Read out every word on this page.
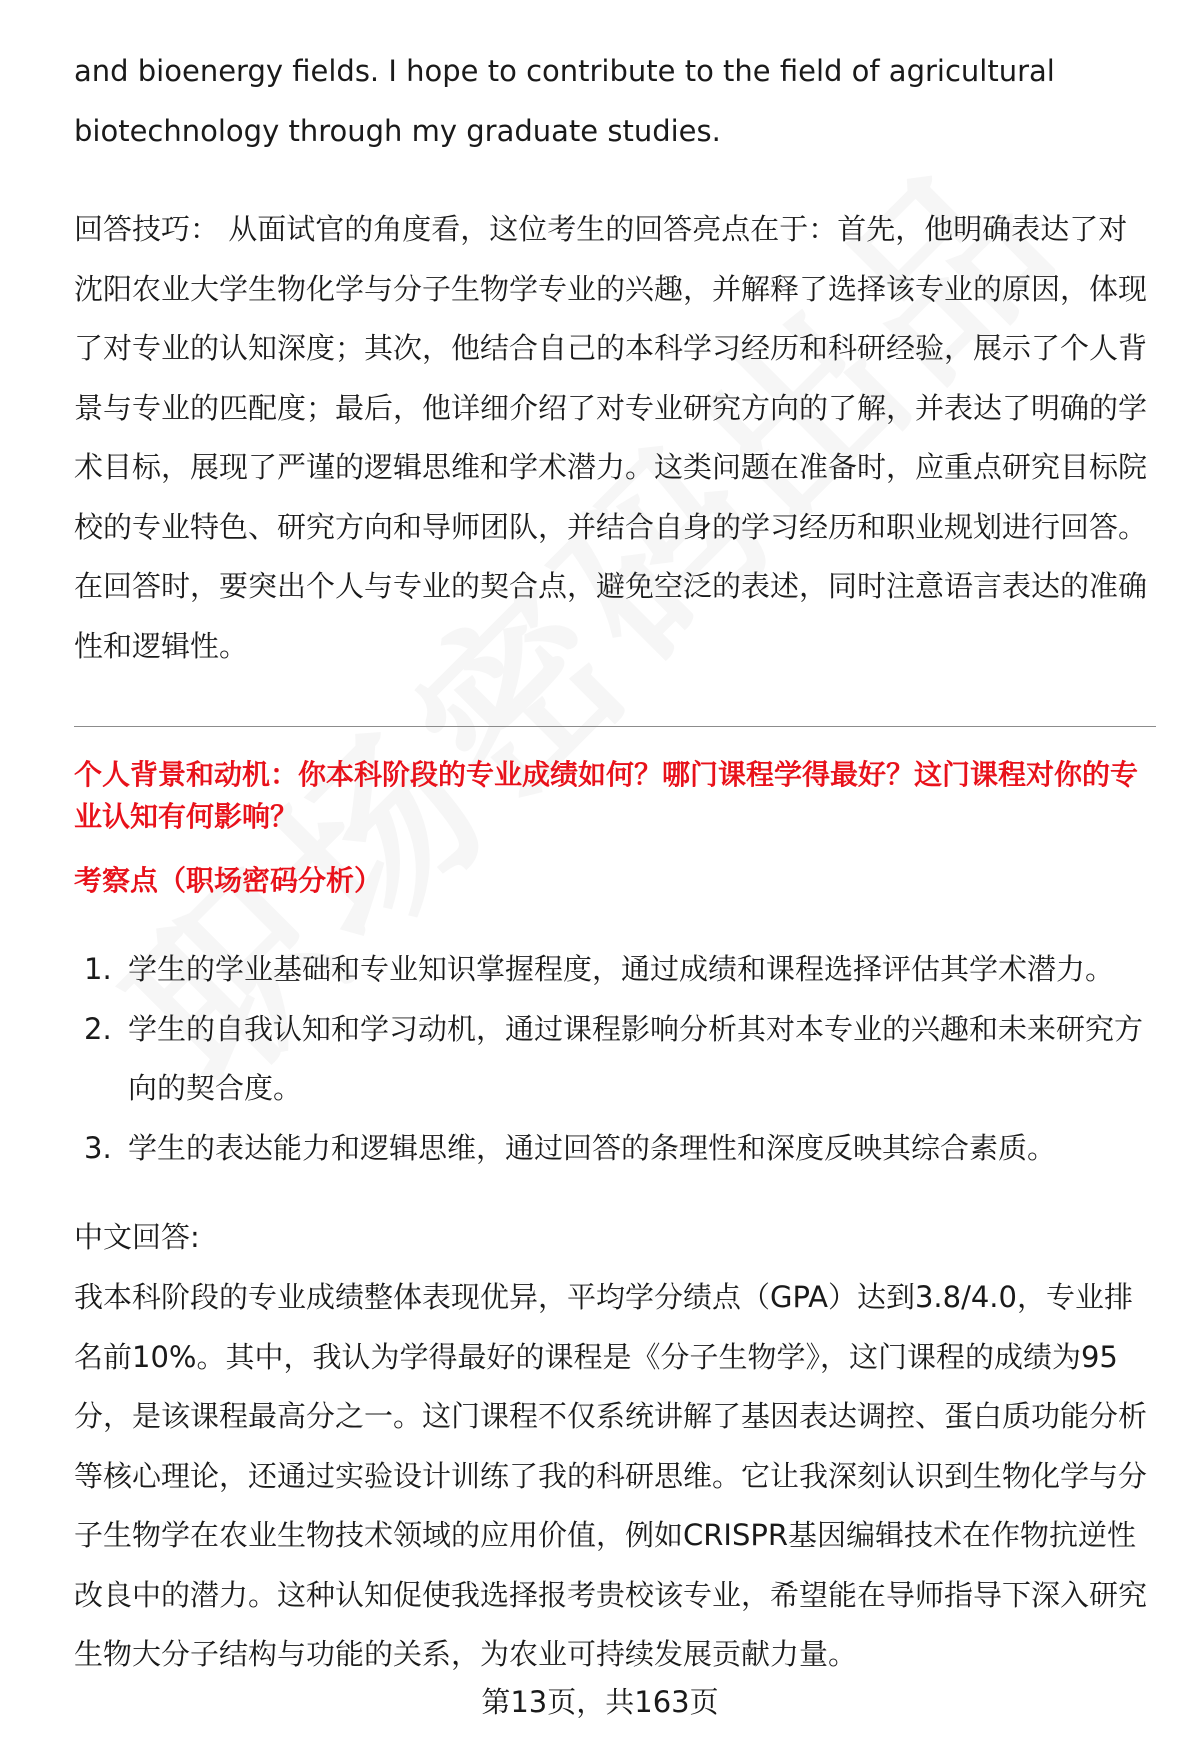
and bioenergy fields. I hope to contribute to the field of agricultural biotechnology through my graduate studies.

回答技巧： 从面试官的角度看，这位考生的回答亮点在于：首先，他明确表达了对沈阳农业大学生物化学与分子生物学专业的兴趣，并解释了选择该专业的原因，体现了对专业的认知深度；其次，他结合自己的本科学习经历和科研经验，展示了个人背景与专业的匹配度；最后，他详细介绍了对专业研究方向的了解，并表达了明确的学术目标，展现了严谨的逻辑思维和学术潜力。这类问题在准备时，应重点研究目标院校的专业特色、研究方向和导师团队，并结合自身的学习经历和职业规划进行回答。在回答时，要突出个人与专业的契合点，避免空泛的表述，同时注意语言表达的准确性和逻辑性。

个人背景和动机：你本科阶段的专业成绩如何？哪门课程学得最好？这门课程对你的专业认知有何影响？

考察点（职场密码分析）

1. 学生的学业基础和专业知识掌握程度，通过成绩和课程选择评估其学术潜力。
2. 学生的自我认知和学习动机，通过课程影响分析其对本专业的兴趣和未来研究方向的契合度。
3. 学生的表达能力和逻辑思维，通过回答的条理性和深度反映其综合素质。

中文回答:

我本科阶段的专业成绩整体表现优异，平均学分绩点（GPA）达到3.8/4.0，专业排名前10%。其中，我认为学得最好的课程是《分子生物学》，这门课程的成绩为95分，是该课程最高分之一。这门课程不仅系统讲解了基因表达调控、蛋白质功能分析等核心理论，还通过实验设计训练了我的科研思维。它让我深刻认识到生物化学与分子生物学在农业生物技术领域的应用价值，例如CRISPR基因编辑技术在作物抗逆性改良中的潜力。这种认知促使我选择报考贵校该专业，希望能在导师指导下深入研究生物大分子结构与功能的关系，为农业可持续发展贡献力量。

第13页，共163页
